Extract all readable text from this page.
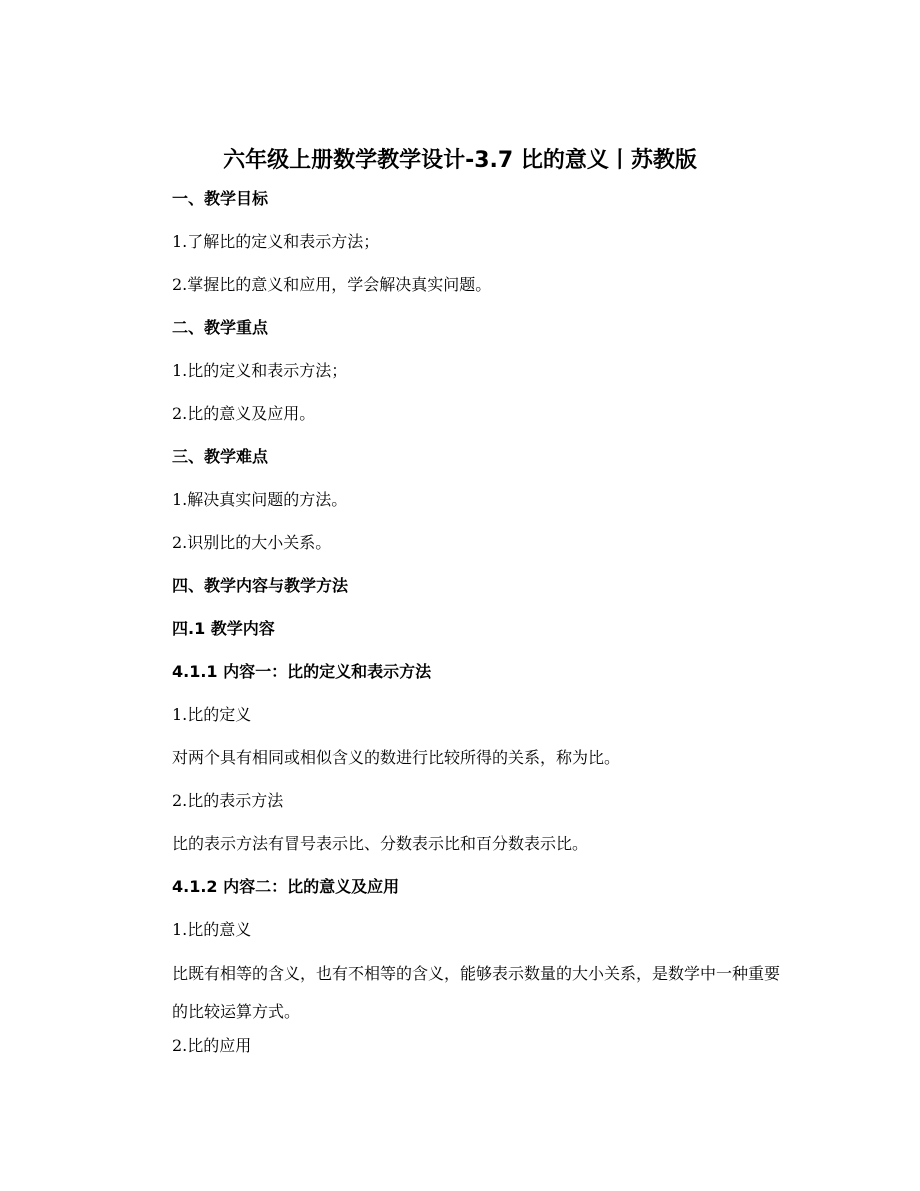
六年级上册数学教学设计-3.7 比的意义丨苏教版

一、教学目标

1.了解比的定义和表示方法；

2.掌握比的意义和应用，学会解决真实问题。

二、教学重点

1.比的定义和表示方法；

2.比的意义及应用。

三、教学难点

1.解决真实问题的方法。

2.识别比的大小关系。

四、教学内容与教学方法

四.1 教学内容

4.1.1 内容一：比的定义和表示方法

1.比的定义

对两个具有相同或相似含义的数进行比较所得的关系，称为比。

2.比的表示方法

比的表示方法有冒号表示比、分数表示比和百分数表示比。

4.1.2 内容二：比的意义及应用

1.比的意义

比既有相等的含义，也有不相等的含义，能够表示数量的大小关系，是数学中一种重要的比较运算方式。

2.比的应用
